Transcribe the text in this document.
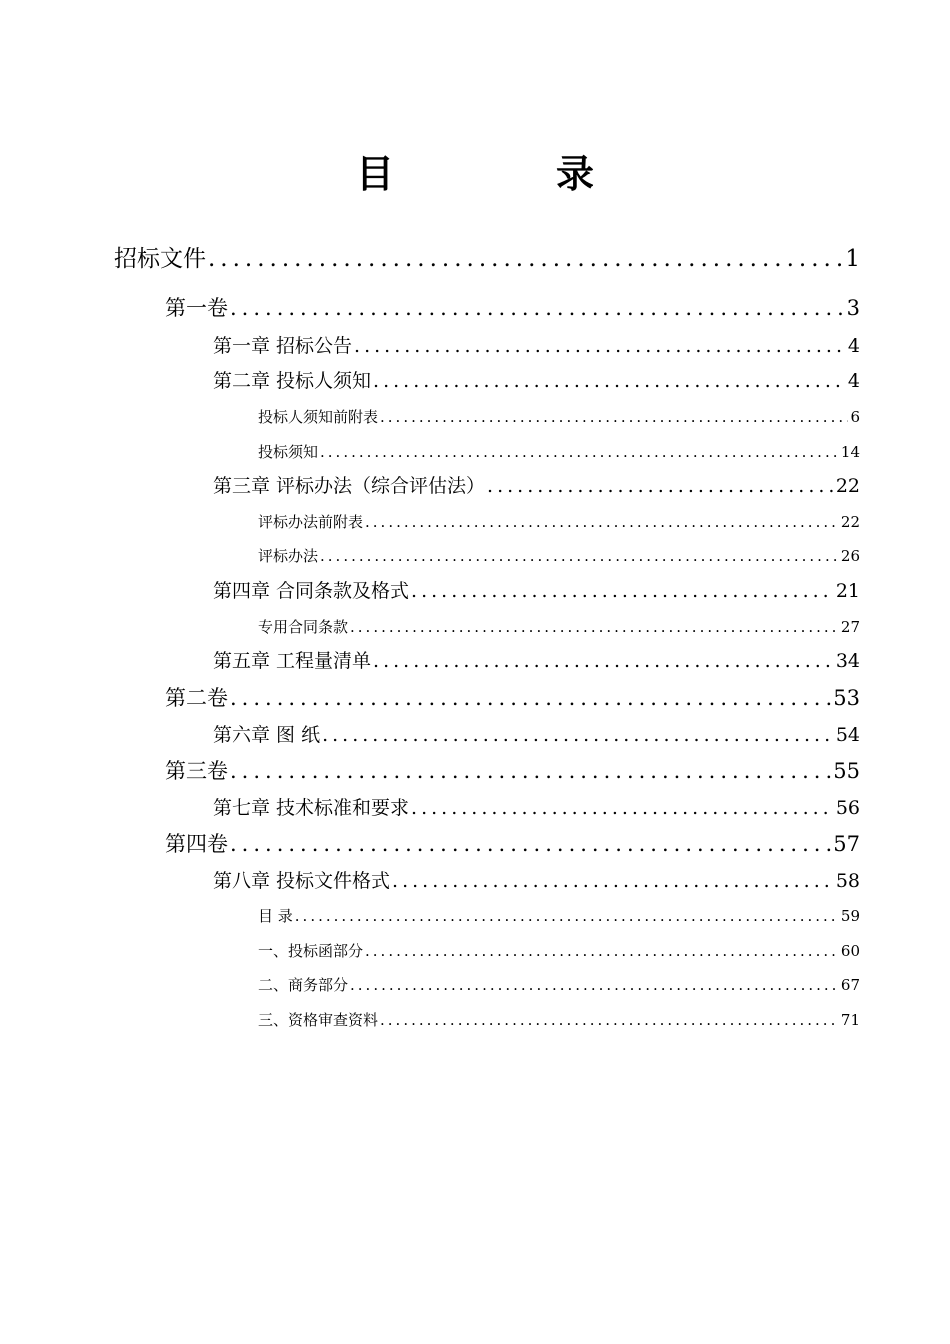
目　录
招标文件 .....	1
第一卷 .....	3
第一章 招标公告 .....	4
第二章 投标人须知 .....	4
投标人须知前附表 .....	6
投标须知 .....	14
第三章 评标办法（综合评估法） .....	22
评标办法前附表 .....	22
评标办法 .....	26
第四章 合同条款及格式 .....	21
专用合同条款 .....	27
第五章 工程量清单 .....	34
第二卷 .....	53
第六章 图 纸 .....	54
第三卷 .....	55
第七章 技术标准和要求 .....	56
第四卷 .....	57
第八章 投标文件格式 .....	58
目 录 .....	59
一、投标函部分 .....	60
二、商务部分 .....	67
三、资格审查资料 .....	71
